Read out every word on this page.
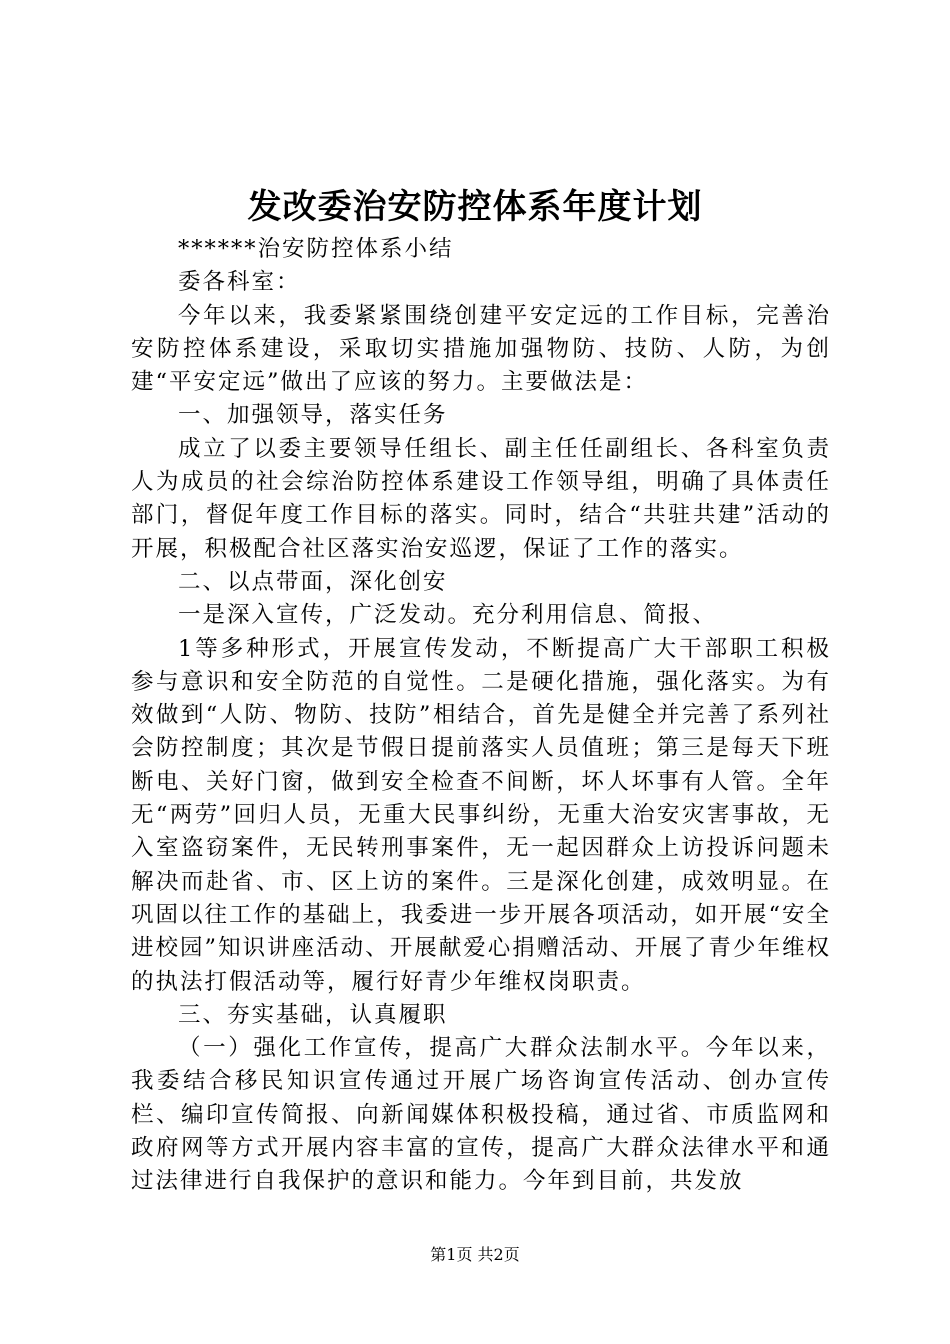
发改委治安防控体系年度计划

******治安防控体系小结

委各科室：

今年以来，我委紧紧围绕创建平安定远的工作目标，完善治安防控体系建设，采取切实措施加强物防、技防、人防，为创建“平安定远”做出了应该的努力。主要做法是：

一、加强领导，落实任务

成立了以委主要领导任组长、副主任任副组长、各科室负责人为成员的社会综治防控体系建设工作领导组，明确了具体责任部门，督促年度工作目标的落实。同时，结合“共驻共建”活动的开展，积极配合社区落实治安巡逻，保证了工作的落实。

二、以点带面，深化创安

一是深入宣传，广泛发动。充分利用信息、简报、

1等多种形式，开展宣传发动，不断提高广大干部职工积极参与意识和安全防范的自觉性。二是硬化措施，强化落实。为有效做到“人防、物防、技防”相结合，首先是健全并完善了系列社会防控制度；其次是节假日提前落实人员值班；第三是每天下班断电、关好门窗，做到安全检查不间断，坏人坏事有人管。全年无“两劳”回归人员，无重大民事纠纷，无重大治安灾害事故，无入室盗窃案件，无民转刑事案件，无一起因群众上访投诉问题未解决而赴省、市、区上访的案件。三是深化创建，成效明显。在巩固以往工作的基础上，我委进一步开展各项活动，如开展“安全进校园”知识讲座活动、开展献爱心捐赠活动、开展了青少年维权的执法打假活动等，履行好青少年维权岗职责。

三、夯实基础，认真履职

（一）强化工作宣传，提高广大群众法制水平。今年以来，我委结合移民知识宣传通过开展广场咨询宣传活动、创办宣传栏、编印宣传简报、向新闻媒体积极投稿，通过省、市质监网和政府网等方式开展内容丰富的宣传，提高广大群众法律水平和通过法律进行自我保护的意识和能力。今年到目前，共发放

第1页 共2页
